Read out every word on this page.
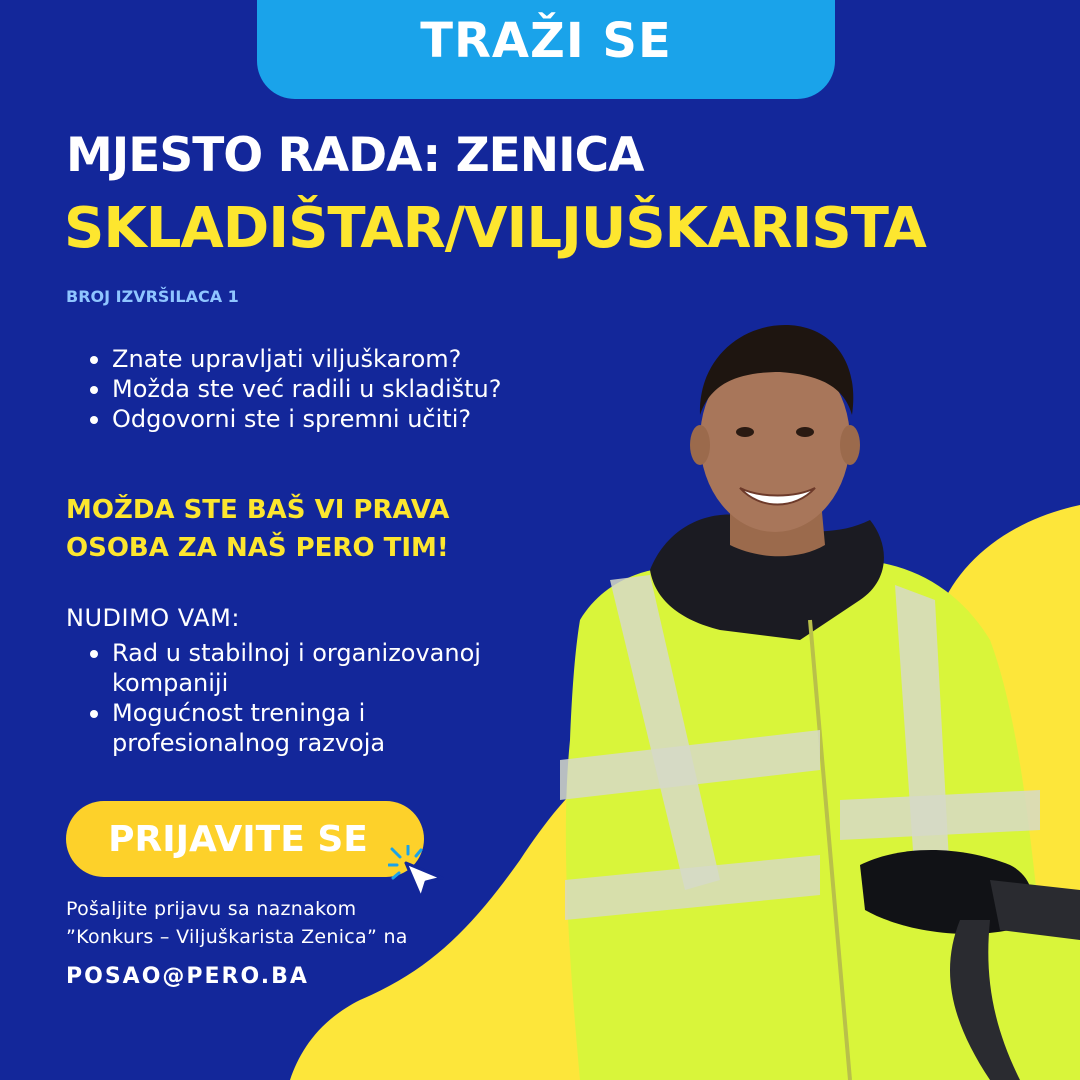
TRAŽI SE
MJESTO RADA: ZENICA
SKLADIŠTAR/VILJUŠKARISTA
BROJ IZVRŠILACA 1
Znate upravljati viljuškarom?
Možda ste već radili u skladištu?
Odgovorni ste i spremni učiti?
MOŽDA STE BAŠ VI PRAVA
OSOBA ZA NAŠ PERO TIM!
NUDIMO VAM:
Rad u stabilnoj i organizovanoj kompaniji
Mogućnost treninga i profesionalnog razvoja
PRIJAVITE SE
Pošaljite prijavu sa naznakom
”Konkurs – Viljuškarista Zenica” na
POSAO@PERO.BA
